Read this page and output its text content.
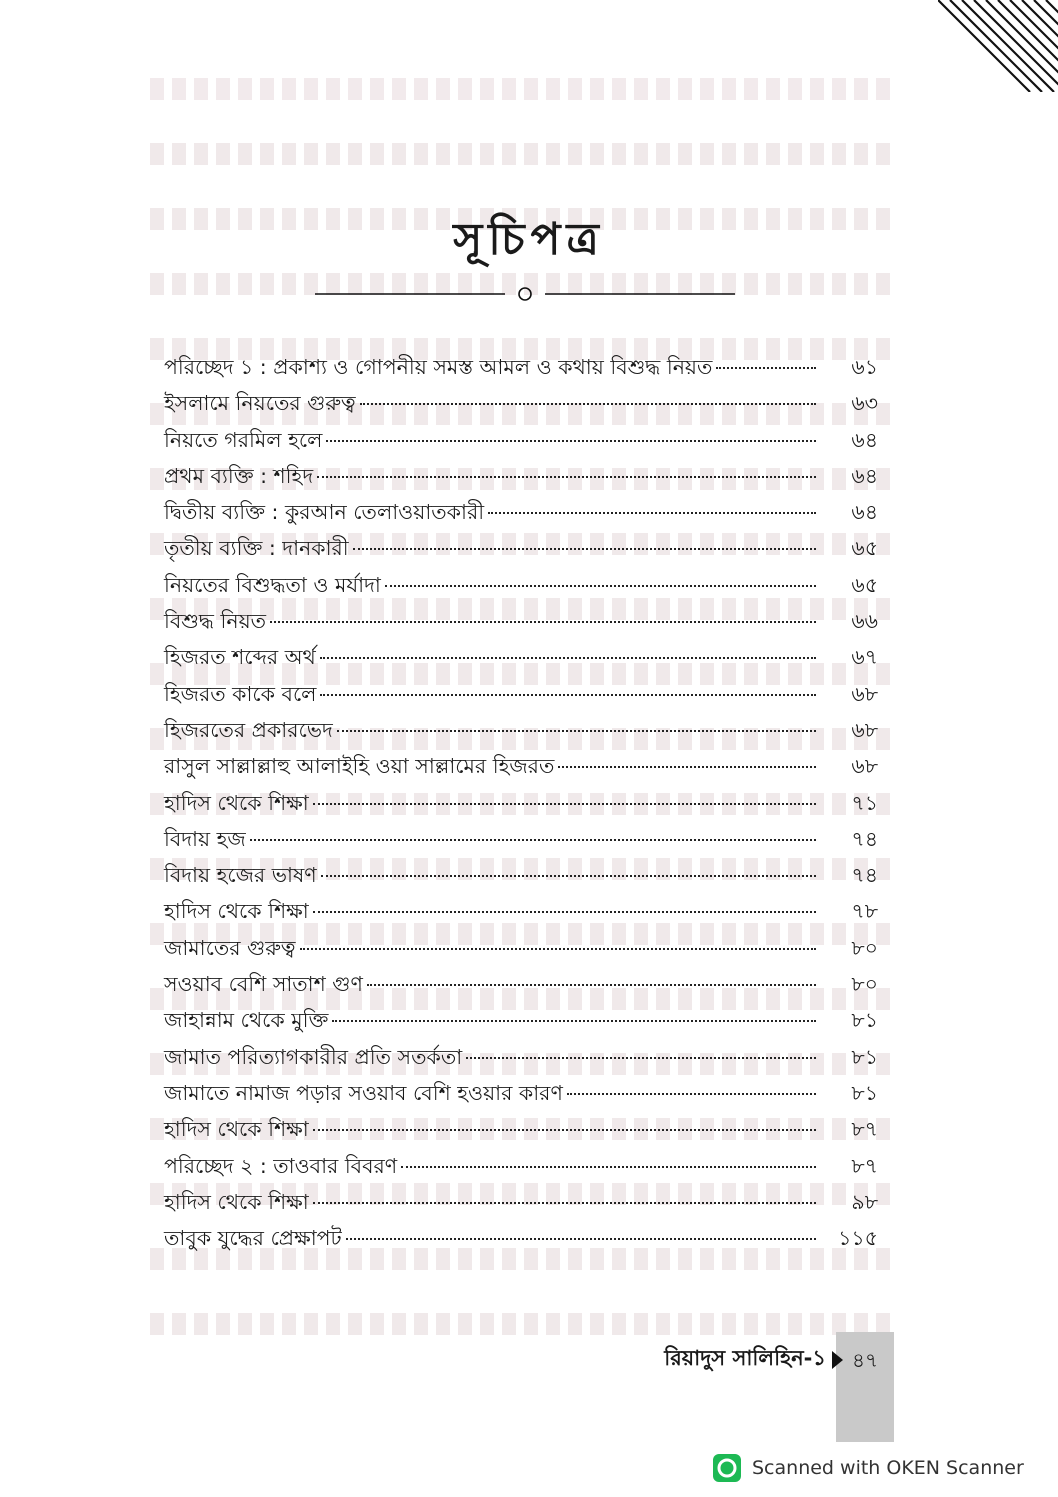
সূচিপত্র
পরিচ্ছেদ ১ : প্রকাশ্য ও গোপনীয় সমস্ত আমল ও কথায় বিশুদ্ধ নিয়ত	৬১
ইসলামে নিয়তের গুরুত্ব	৬৩
নিয়তে গরমিল হলে	৬৪
প্রথম ব্যক্তি : শহিদ	৬৪
দ্বিতীয় ব্যক্তি : কুরআন তেলাওয়াতকারী	৬৪
তৃতীয় ব্যক্তি : দানকারী	৬৫
নিয়তের বিশুদ্ধতা ও মর্যাদা	৬৫
বিশুদ্ধ নিয়ত	৬৬
হিজরত শব্দের অর্থ	৬৭
হিজরত কাকে বলে	৬৮
হিজরতের প্রকারভেদ	৬৮
রাসুল সাল্লাল্লাহু আলাইহি ওয়া সাল্লামের হিজরত	৬৮
হাদিস থেকে শিক্ষা	৭১
বিদায় হজ	৭৪
বিদায় হজের ভাষণ	৭৪
হাদিস থেকে শিক্ষা	৭৮
জামাতের গুরুত্ব	৮০
সওয়াব বেশি সাতাশ গুণ	৮০
জাহান্নাম থেকে মুক্তি	৮১
জামাত পরিত্যাগকারীর প্রতি সতর্কতা	৮১
জামাতে নামাজ পড়ার সওয়াব বেশি হওয়ার কারণ	৮১
হাদিস থেকে শিক্ষা	৮৭
পরিচ্ছেদ ২ : তাওবার বিবরণ	৮৭
হাদিস থেকে শিক্ষা	৯৮
তাবুক যুদ্ধের প্রেক্ষাপট	১১৫
রিয়াদুস সালিহিন-১	৪৭
Scanned with OKEN Scanner
